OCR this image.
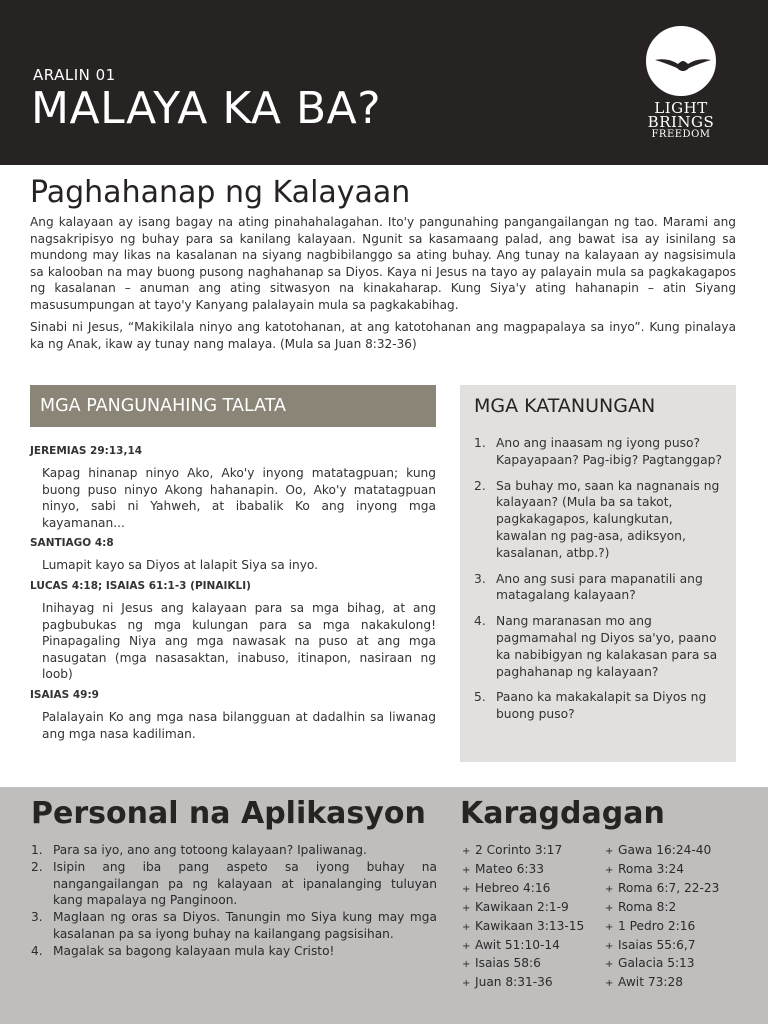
ARALIN 01
MALAYA KA BA?	LIGHT
BRINGS
FREEDOM
Paghahanap ng Kalayaan

Ang kalayaan ay isang bagay na ating pinahahalagahan. Ito'y pangunahing pangangailangan ng tao. Marami ang nagsakripisyo ng buhay para sa kanilang kalayaan. Ngunit sa kasamaang palad, ang bawat isa ay isinilang sa mundong may likas na kasalanan na siyang nagbibilanggo sa ating buhay. Ang tunay na kalayaan ay nagsisimula sa kalooban na may buong pusong naghahanap sa Diyos. Kaya ni Jesus na tayo ay palayain mula sa pagkakagapos ng kasalanan – anuman ang ating sitwasyon na kinakaharap. Kung Siya'y ating hahanapin – atin Siyang masusumpungan at tayo'y Kanyang palalayain mula sa pagkakabihag.

Sinabi ni Jesus, “Makikilala ninyo ang katotohanan, at ang katotohanan ang magpapalaya sa inyo”. Kung pinalaya ka ng Anak, ikaw ay tunay nang malaya. (Mula sa Juan 8:32-36)

MGA PANGUNAHING TALATA
JEREMIAS 29:13,14
Kapag hinanap ninyo Ako, Ako'y inyong matatagpuan; kung buong puso ninyo Akong hahanapin. Oo, Ako'y matatagpuan ninyo, sabi ni Yahweh, at ibabalik Ko ang inyong mga kayamanan...
SANTIAGO 4:8
Lumapit kayo sa Diyos at lalapit Siya sa inyo.
LUCAS 4:18; ISAIAS 61:1-3 (PINAIKLI)
Inihayag ni Jesus ang kalayaan para sa mga bihag, at ang pagbubukas ng mga kulungan para sa mga nakakulong! Pinapagaling Niya ang mga nawasak na puso at ang mga nasugatan (mga nasasaktan, inabuso, itinapon, nasiraan ng loob)
ISAIAS 49:9
Palalayain Ko ang mga nasa bilangguan at dadalhin sa liwanag ang mga nasa kadiliman.
MGA KATANUNGAN
1. Ano ang inaasam ng iyong puso? Kapayapaan? Pag-ibig? Pagtanggap?
2. Sa buhay mo, saan ka nagnanais ng kalayaan? (Mula ba sa takot, pagkakagapos, kalungkutan, kawalan ng pag-asa, adiksyon, kasalanan, atbp.?)
3. Ano ang susi para mapanatili ang matagalang kalayaan?
4. Nang maranasan mo ang pagmamahal ng Diyos sa'yo, paano ka nabibigyan ng kalakasan para sa paghahanap ng kalayaan?
5. Paano ka makakalapit sa Diyos ng buong puso?
Personal na Aplikasyon
1. Para sa iyo, ano ang totoong kalayaan? Ipaliwanag.
2. Isipin ang iba pang aspeto sa iyong buhay na nangangailangan pa ng kalayaan at ipanalanging tuluyan kang mapalaya ng Panginoon.
3. Maglaan ng oras sa Diyos. Tanungin mo Siya kung may mga kasalanan pa sa iyong buhay na kailangang pagsisihan.
4. Magalak sa bagong kalayaan mula kay Cristo!
Karagdagan
+ 2 Corinto 3:17
+ Mateo 6:33
+ Hebreo 4:16
+ Kawikaan 2:1-9
+ Kawikaan 3:13-15
+ Awit 51:10-14
+ Isaias 58:6
+ Juan 8:31-36
+ Gawa 16:24-40
+ Roma 3:24
+ Roma 6:7, 22-23
+ Roma 8:2
+ 1 Pedro 2:16
+ Isaias 55:6,7
+ Galacia 5:13
+ Awit 73:28
